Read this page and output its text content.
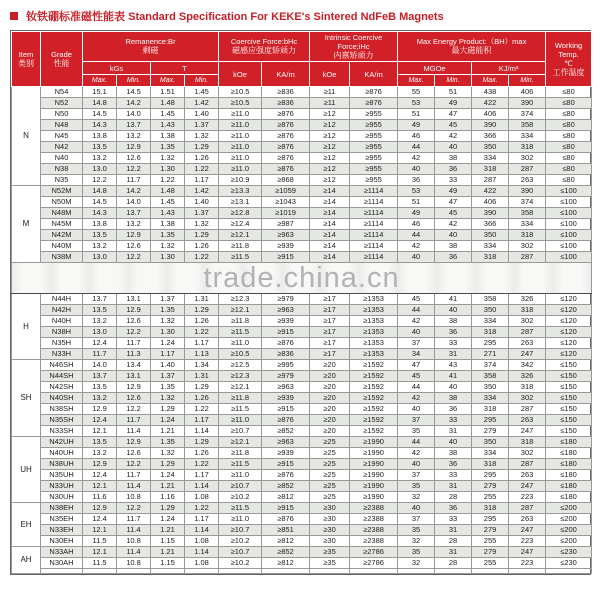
钕铁硼标准磁性能表 Standard Specification For KEKE's Sintered NdFeB Magnets
Item
类别

Grade
性能

Remanence:Br
剩磁

Coercive Force:bHc
磁感应强度矫顽力

Intrinsic Coercive Force;iHc
内禀矫顽力

Max Energy Product:（BH）max
最大磁能积

Working Temp.
℃
工作温度

		kGs		T		kOe	KA/m	kOe	KA/m	MGOe		KJ/m³		
		Max.	Min.	Max.	Min.					Max.	Min.	Max.	Min.	
N	N54	15.1	14.5	1.51	1.45	≥10.5	≥836	≥11	≥876	55	51	438	406	≤80
	N52	14.8	14.2	1.48	1.42	≥10.5	≥836	≥11	≥876	53	49	422	390	≤80
	N50	14.5	14.0	1.45	1.40	≥11.0	≥876	≥12	≥955	51	47	406	374	≤80
	N48	14.3	13.7	1.43	1.37	≥11.0	≥876	≥12	≥955	49	45	390	358	≤80
	N45	13.8	13.2	1.38	1.32	≥11.0	≥876	≥12	≥955	46	42	366	334	≤80
	N42	13.5	12.9	1.35	1.29	≥11.0	≥876	≥12	≥955	44	40	350	318	≤80
	N40	13.2	12.6	1.32	1.26	≥11.0	≥876	≥12	≥955	42	38	334	302	≤80
	N38	13.0	12.2	1.30	1.22	≥11.0	≥876	≥12	≥955	40	36	318	287	≤80
	N35	12.2	11.7	1.22	1.17	≥10.9	≥868	≥12	≥955	36	33	287	263	≤80
M	N52M	14.8	14.2	1.48	1.42	≥13.3	≥1059	≥14	≥1114	53	49	422	390	≤100
	N50M	14.5	14.0	1.45	1.40	≥13.1	≥1043	≥14	≥1114	51	47	406	374	≤100
	N48M	14.3	13.7	1.43	1.37	≥12.8	≥1019	≥14	≥1114	49	45	390	358	≤100
	N45M	13.8	13.2	1.38	1.32	≥12.4	≥987	≥14	≥1114	46	42	366	334	≤100
	N42M	13.5	12.9	1.35	1.29	≥12.1	≥963	≥14	≥1114	44	40	350	318	≤100
	N40M	13.2	12.6	1.32	1.26	≥11.8	≥939	≥14	≥1114	42	38	334	302	≤100
	N38M	13.0	12.2	1.30	1.22	≥11.5	≥915	≥14	≥1114	40	36	318	287	≤100

trade.china.cn														

H	N44H	13.7	13.1	1.37	1.31	≥12.3	≥979	≥17	≥1353	45	41	358	326	≤120
	N42H	13.5	12.9	1.35	1.29	≥12.1	≥963	≥17	≥1353	44	40	350	318	≤120
	N40H	13.2	12.6	1.32	1.26	≥11.8	≥939	≥17	≥1353	42	38	334	302	≤120
	N38H	13.0	12.2	1.30	1.22	≥11.5	≥915	≥17	≥1353	40	36	318	287	≤120
	N35H	12.4	11.7	1.24	1.17	≥11.0	≥876	≥17	≥1353	37	33	295	263	≤120
	N33H	11.7	11.3	1.17	1.13	≥10.5	≥836	≥17	≥1353	34	31	271	247	≤120
SH	N46SH	14.0	13.4	1.40	1.34	≥12.5	≥995	≥20	≥1592	47	43	374	342	≤150
	N44SH	13.7	13.1	1.37	1.31	≥12.3	≥979	≥20	≥1592	45	41	358	326	≤150
	N42SH	13.5	12.9	1.35	1.29	≥12.1	≥963	≥20	≥1592	44	40	350	318	≤150
	N40SH	13.2	12.6	1.32	1.26	≥11.8	≥939	≥20	≥1592	42	38	334	302	≤150
	N38SH	12.9	12.2	1.29	1.22	≥11.5	≥915	≥20	≥1592	40	36	318	287	≤150
	N35SH	12.4	11.7	1.24	1.17	≥11.0	≥876	≥20	≥1592	37	33	295	263	≤150
	N33SH	12.1	11.4	1.21	1.14	≥10.7	≥852	≥20	≥1592	35	31	279	247	≤150
UH	N42UH	13.5	12.9	1.35	1.29	≥12.1	≥963	≥25	≥1990	44	40	350	318	≤180
	N40UH	13.2	12.6	1.32	1.26	≥11.8	≥939	≥25	≥1990	42	38	334	302	≤180
	N38UH	12.9	12.2	1.29	1.22	≥11.5	≥915	≥25	≥1990	40	36	318	287	≤180
	N35UH	12.4	11.7	1.24	1.17	≥11.0	≥876	≥25	≥1990	37	33	295	263	≤180
	N33UH	12.1	11.4	1.21	1.14	≥10.7	≥852	≥25	≥1990	35	31	279	247	≤180
	N30UH	11.6	10.8	1.16	1.08	≥10.2	≥812	≥25	≥1990	32	28	255	223	≤180
EH	N38EH	12.9	12.2	1.29	1.22	≥11.5	≥915	≥30	≥2388	40	36	318	287	≤200
	N35EH	12.4	11.7	1.24	1.17	≥11.0	≥876	≥30	≥2388	37	33	295	263	≤200
	N33EH	12.1	11.4	1.21	1.14	≥10.7	≥851	≥30	≥2388	35	31	279	247	≤200
	N30EH	11.5	10.8	1.15	1.08	≥10.2	≥812	≥30	≥2388	32	28	255	223	≤200
AH	N33AH	12.1	11.4	1.21	1.14	≥10.7	≥852	≥35	≥2786	35	31	279	247	≤230
	N30AH	11.5	10.8	1.15	1.08	≥10.2	≥812	≥35	≥2786	32	28	255	223	≤230
